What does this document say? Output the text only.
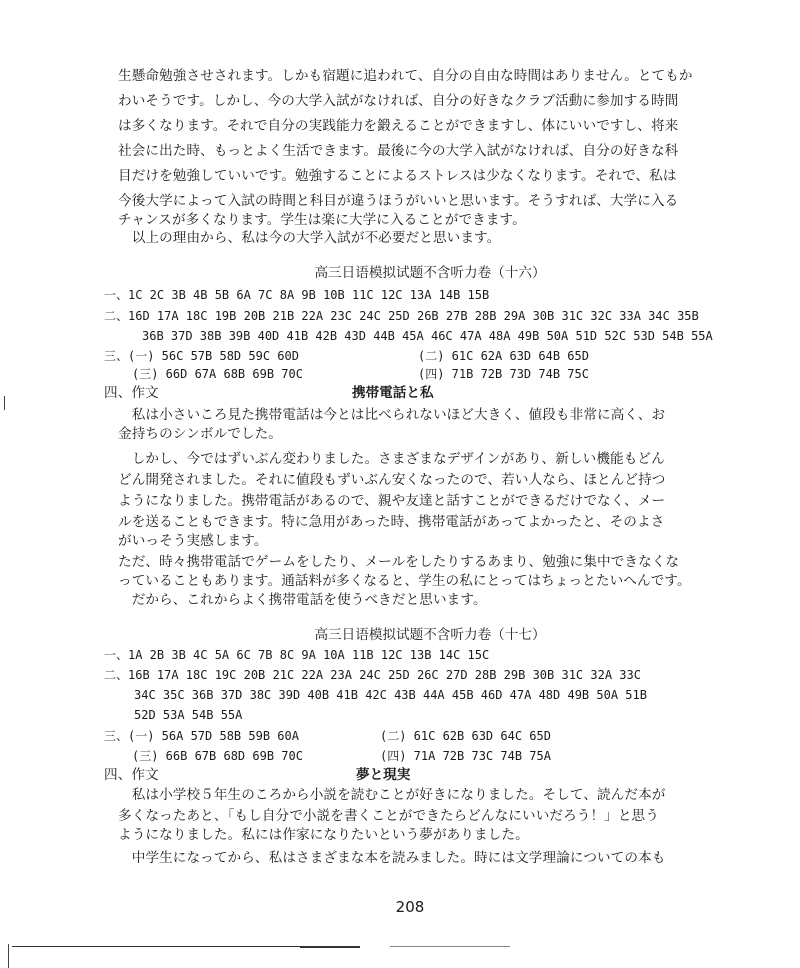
生懸命勉強させされます。しかも宿題に追われて、自分の自由な時間はありません。とてもか
わいそうです。しかし、今の大学入試がなければ、自分の好きなクラブ活動に参加する時間
は多くなります。それで自分の実践能力を鍛えることができますし、体にいいですし、将来
社会に出た時、もっとよく生活できます。最後に今の大学入試がなければ、自分の好きな科
目だけを勉強していいです。勉強することによるストレスは少なくなります。それで、私は
今後大学によって入試の時間と科目が違うほうがいいと思います。そうすれば、大学に入る
チャンスが多くなります。学生は楽に大学に入ることができます。
　以上の理由から、私は今の大学入試が不必要だと思います。
高三日语模拟试题不含听力卷（十六）
一、1C 2C 3B 4B 5B 6A 7C 8A 9B 10B 11C 12C 13A 14B 15B
二、16D 17A 18C 19B 20B 21B 22A 23C 24C 25D 26B 27B 28B 29A 30B 31C 32C 33A 34C 35B
36B 37D 38B 39B 40D 41B 42B 43D 44B 45A 46C 47A 48A 49B 50A 51D 52C 53D 54B 55A
三、(一) 56C 57B 58D 59C 60D	(二) 61C 62A 63D 64B 65D
(三) 66D 67A 68B 69B 70C	(四) 71B 72B 73D 74B 75C
四、作文	携帯電話と私
　私は小さいころ見た携帯電話は今とは比べられないほど大きく、値段も非常に高く、お
金持ちのシンボルでした。
　しかし、今ではずいぶん変わりました。さまざまなデザインがあり、新しい機能もどん
どん開発されました。それに値段もずいぶん安くなったので、若い人なら、ほとんど持つ
ようになりました。携帯電話があるので、親や友達と話すことができるだけでなく、メー
ルを送ることもできます。特に急用があった時、携帯電話があってよかったと、そのよさ
がいっそう実感します。
ただ、時々携帯電話でゲームをしたり、メールをしたりするあまり、勉強に集中できなくな
っていることもあります。通話料が多くなると、学生の私にとってはちょっとたいへんです。
　だから、これからよく携帯電話を使うべきだと思います。
高三日语模拟试题不含听力卷（十七）
一、1A 2B 3B 4C 5A 6C 7B 8C 9A 10A 11B 12C 13B 14C 15C
二、16B 17A 18C 19C 20B 21C 22A 23A 24C 25D 26C 27D 28B 29B 30B 31C 32A 33C
34C 35C 36B 37D 38C 39D 40B 41B 42C 43B 44A 45B 46D 47A 48D 49B 50A 51B
52D 53A 54B 55A
三、(一) 56A 57D 58B 59B 60A	(二) 61C 62B 63D 64C 65D
(三) 66B 67B 68D 69B 70C	(四) 71A 72B 73C 74B 75A
四、作文	夢と現実
　私は小学校５年生のころから小説を読むことが好きになりました。そして、読んだ本が
多くなったあと、「もし自分で小説を書くことができたらどんなにいいだろう！」と思う
ようになりました。私には作家になりたいという夢がありました。
　中学生になってから、私はさまざまな本を読みました。時には文学理論についての本も
208
